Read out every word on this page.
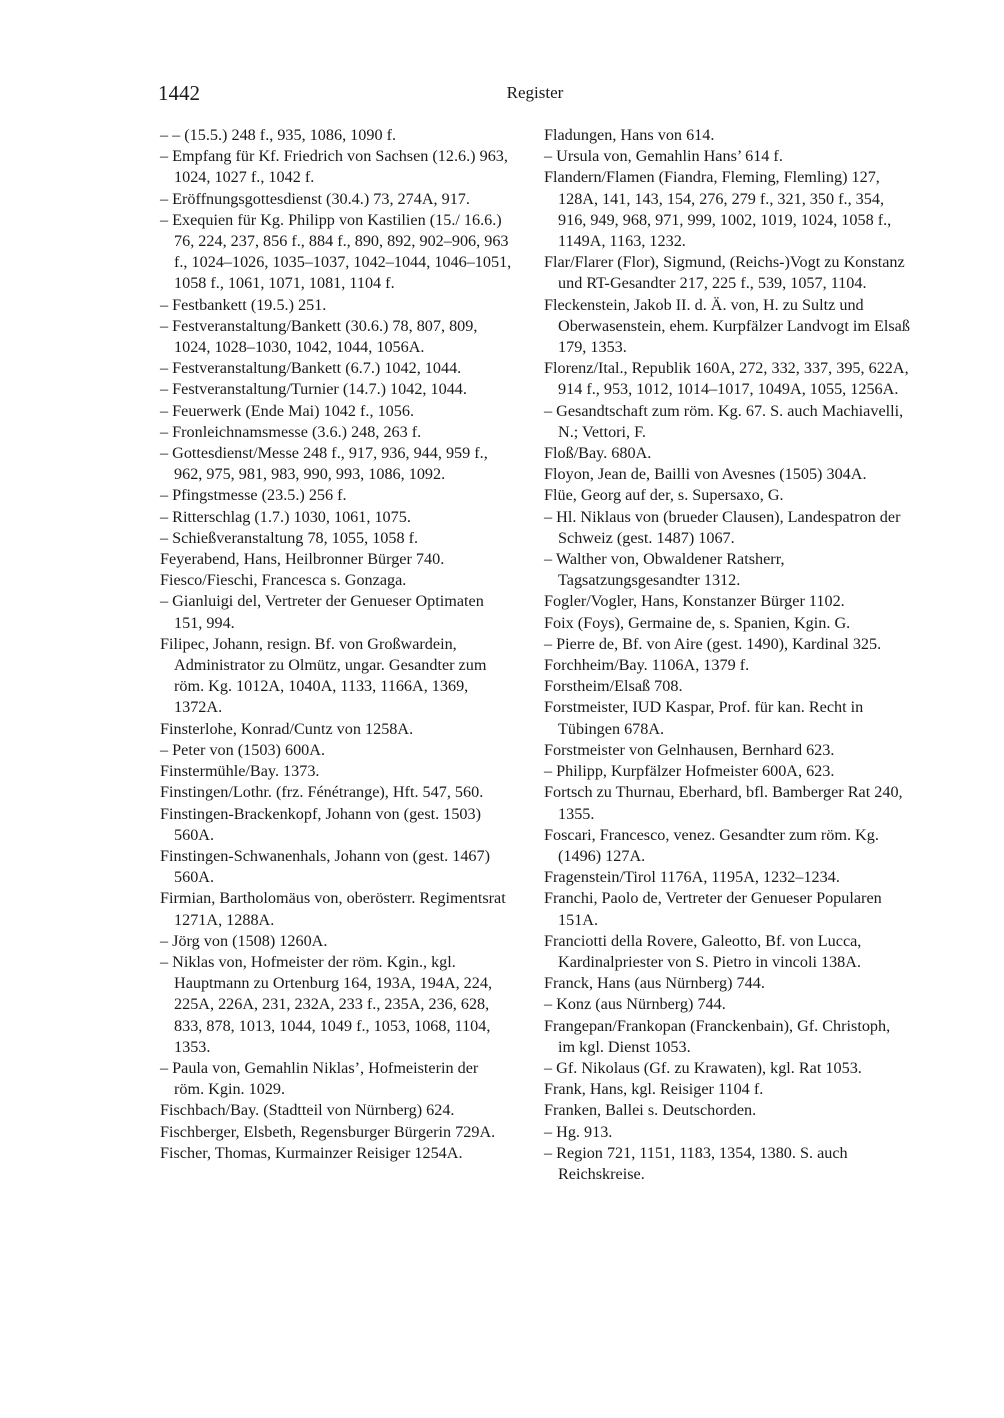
1442	Register
– – (15.5.) 248 f., 935, 1086, 1090 f.
– Empfang für Kf. Friedrich von Sachsen (12.6.) 963, 1024, 1027 f., 1042 f.
– Eröffnungsgottesdienst (30.4.) 73, 274A, 917.
– Exequien für Kg. Philipp von Kastilien (15./ 16.6.) 76, 224, 237, 856 f., 884 f., 890, 892, 902–906, 963 f., 1024–1026, 1035–1037, 1042–1044, 1046–1051, 1058 f., 1061, 1071, 1081, 1104 f.
– Festbankett (19.5.) 251.
– Festveranstaltung/Bankett (30.6.) 78, 807, 809, 1024, 1028–1030, 1042, 1044, 1056A.
– Festveranstaltung/Bankett (6.7.) 1042, 1044.
– Festveranstaltung/Turnier (14.7.) 1042, 1044.
– Feuerwerk (Ende Mai) 1042 f., 1056.
– Fronleichnamsmesse (3.6.) 248, 263 f.
– Gottesdienst/Messe 248 f., 917, 936, 944, 959 f., 962, 975, 981, 983, 990, 993, 1086, 1092.
– Pfingstmesse (23.5.) 256 f.
– Ritterschlag (1.7.) 1030, 1061, 1075.
– Schießveranstaltung 78, 1055, 1058 f.
Feyerabend, Hans, Heilbronner Bürger 740.
Fiesco/Fieschi, Francesca s. Gonzaga.
– Gianluigi del, Vertreter der Genueser Optimaten 151, 994.
Filipec, Johann, resign. Bf. von Großwardein, Administrator zu Olmütz, ungar. Gesandter zum röm. Kg. 1012A, 1040A, 1133, 1166A, 1369, 1372A.
Finsterlohe, Konrad/Cuntz von 1258A.
– Peter von (1503) 600A.
Finstermühle/Bay. 1373.
Finstingen/Lothr. (frz. Fénétrange), Hft. 547, 560.
Finstingen-Brackenkopf, Johann von (gest. 1503) 560A.
Finstingen-Schwanenhals, Johann von (gest. 1467) 560A.
Firmian, Bartholomäus von, oberösterr. Regimentsrat 1271A, 1288A.
– Jörg von (1508) 1260A.
– Niklas von, Hofmeister der röm. Kgin., kgl. Hauptmann zu Ortenburg 164, 193A, 194A, 224, 225A, 226A, 231, 232A, 233 f., 235A, 236, 628, 833, 878, 1013, 1044, 1049 f., 1053, 1068, 1104, 1353.
– Paula von, Gemahlin Niklas’, Hofmeisterin der röm. Kgin. 1029.
Fischbach/Bay. (Stadtteil von Nürnberg) 624.
Fischberger, Elsbeth, Regensburger Bürgerin 729A.
Fischer, Thomas, Kurmainzer Reisiger 1254A.
Fladungen, Hans von 614.
– Ursula von, Gemahlin Hans’ 614 f.
Flandern/Flamen (Fiandra, Fleming, Flemling) 127, 128A, 141, 143, 154, 276, 279 f., 321, 350 f., 354, 916, 949, 968, 971, 999, 1002, 1019, 1024, 1058 f., 1149A, 1163, 1232.
Flar/Flarer (Flor), Sigmund, (Reichs-)Vogt zu Konstanz und RT-Gesandter 217, 225 f., 539, 1057, 1104.
Fleckenstein, Jakob II. d. Ä. von, H. zu Sultz und Oberwasenstein, ehem. Kurpfälzer Landvogt im Elsaß 179, 1353.
Florenz/Ital., Republik 160A, 272, 332, 337, 395, 622A, 914 f., 953, 1012, 1014–1017, 1049A, 1055, 1256A.
– Gesandtschaft zum röm. Kg. 67. S. auch Machiavelli, N.; Vettori, F.
Floß/Bay. 680A.
Floyon, Jean de, Bailli von Avesnes (1505) 304A.
Flüe, Georg auf der, s. Supersaxo, G.
– Hl. Niklaus von (brueder Clausen), Landespatron der Schweiz (gest. 1487) 1067.
– Walther von, Obwaldener Ratsherr, Tagsatzungsgesandter 1312.
Fogler/Vogler, Hans, Konstanzer Bürger 1102.
Foix (Foys), Germaine de, s. Spanien, Kgin. G.
– Pierre de, Bf. von Aire (gest. 1490), Kardinal 325.
Forchheim/Bay. 1106A, 1379 f.
Forstheim/Elsaß 708.
Forstmeister, IUD Kaspar, Prof. für kan. Recht in Tübingen 678A.
Forstmeister von Gelnhausen, Bernhard 623.
– Philipp, Kurpfälzer Hofmeister 600A, 623.
Fortsch zu Thurnau, Eberhard, bfl. Bamberger Rat 240, 1355.
Foscari, Francesco, venez. Gesandter zum röm. Kg. (1496) 127A.
Fragenstein/Tirol 1176A, 1195A, 1232–1234.
Franchi, Paolo de, Vertreter der Genueser Popularen 151A.
Franciotti della Rovere, Galeotto, Bf. von Lucca, Kardinalpriester von S. Pietro in vincoli 138A.
Franck, Hans (aus Nürnberg) 744.
– Konz (aus Nürnberg) 744.
Frangepan/Frankopan (Franckenbain), Gf. Christoph, im kgl. Dienst 1053.
– Gf. Nikolaus (Gf. zu Krawaten), kgl. Rat 1053.
Frank, Hans, kgl. Reisiger 1104 f.
Franken, Ballei s. Deutschorden.
– Hg. 913.
– Region 721, 1151, 1183, 1354, 1380. S. auch Reichskreise.
